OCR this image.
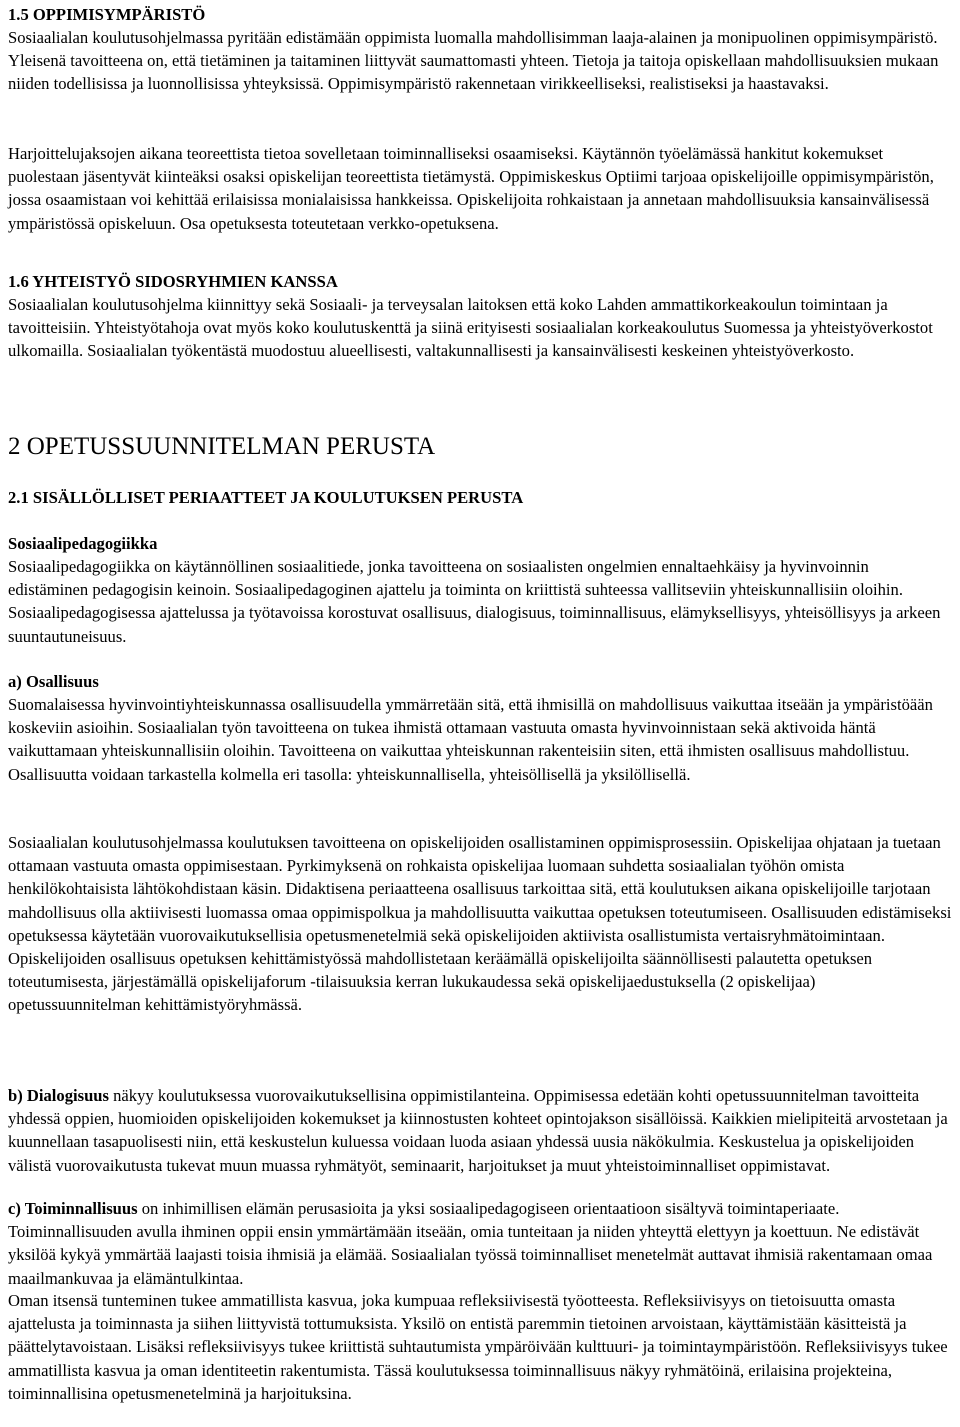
1.5 OPPIMISYMPÄRISTÖ

Sosiaalialan koulutusohjelmassa pyritään edistämään oppimista luomalla mahdollisimman laaja-alainen ja monipuolinen oppimisympäristö. Yleisenä tavoitteena on, että tietäminen ja taitaminen liittyvät saumattomasti yhteen. Tietoja ja taitoja opiskellaan mahdollisuuksien mukaan niiden todellisissa ja luonnollisissa yhteyksissä. Oppimisympäristö rakennetaan virikkeelliseksi, realistiseksi ja haastavaksi.

Harjoittelujaksojen aikana teoreettista tietoa sovelletaan toiminnalliseksi osaamiseksi. Käytännön työelämässä hankitut kokemukset puolestaan jäsentyvät kiinteäksi osaksi opiskelijan teoreettista tietämystä. Oppimiskeskus Optiimi tarjoaa opiskelijoille oppimisympäristön, jossa osaamistaan voi kehittää erilaisissa monialaisissa hankkeissa. Opiskelijoita rohkaistaan ja annetaan mahdollisuuksia kansainvälisessä ympäristössä opiskeluun. Osa opetuksesta toteutetaan verkko-opetuksena.

1.6 YHTEISTYÖ SIDOSRYHMIEN KANSSA

Sosiaalialan koulutusohjelma kiinnittyy sekä Sosiaali- ja terveysalan laitoksen että koko Lahden ammattikorkeakoulun toimintaan ja tavoitteisiin. Yhteistyötahoja ovat myös koko koulutuskenttä ja siinä erityisesti sosiaalialan korkeakoulutus Suomessa ja yhteistyöverkostot ulkomailla. Sosiaalialan työkentästä muodostuu alueellisesti, valtakunnallisesti ja kansainvälisesti keskeinen yhteistyöverkosto.

2 OPETUSSUUNNITELMAN PERUSTA
2.1 SISÄLLÖLLISET PERIAATTEET JA KOULUTUKSEN PERUSTA
Sosiaalipedagogiikka

Sosiaalipedagogiikka on käytännöllinen sosiaalitiede, jonka tavoitteena on sosiaalisten ongelmien ennaltaehkäisy ja hyvinvoinnin edistäminen pedagogisin keinoin. Sosiaalipedagoginen ajattelu ja toiminta on kriittistä suhteessa vallitseviin yhteiskunnallisiin oloihin. Sosiaalipedagogisessa ajattelussa ja työtavoissa korostuvat osallisuus, dialogisuus, toiminnallisuus, elämyksellisyys, yhteisöllisyys ja arkeen suuntautuneisuus.

a) Osallisuus

Suomalaisessa hyvinvointiyhteiskunnassa osallisuudella ymmärretään sitä, että ihmisillä on mahdollisuus vaikuttaa itseään ja ympäristöään koskeviin asioihin. Sosiaalialan työn tavoitteena on tukea ihmistä ottamaan vastuuta omasta hyvinvoinnistaan sekä aktivoida häntä vaikuttamaan yhteiskunnallisiin oloihin. Tavoitteena on vaikuttaa yhteiskunnan rakenteisiin siten, että ihmisten osallisuus mahdollistuu. Osallisuutta voidaan tarkastella kolmella eri tasolla: yhteiskunnallisella, yhteisöllisellä ja yksilöllisellä.

Sosiaalialan koulutusohjelmassa koulutuksen tavoitteena on opiskelijoiden osallistaminen oppimisprosessiin. Opiskelijaa ohjataan ja tuetaan ottamaan vastuuta omasta oppimisestaan. Pyrkimyksenä on rohkaista opiskelijaa luomaan suhdetta sosiaalialan työhön omista henkilökohtaisista lähtökohdistaan käsin. Didaktisena periaatteena osallisuus tarkoittaa sitä, että koulutuksen aikana opiskelijoille tarjotaan mahdollisuus olla aktiivisesti luomassa omaa oppimispolkua ja mahdollisuutta vaikuttaa opetuksen toteutumiseen. Osallisuuden edistämiseksi opetuksessa käytetään vuorovaikutuksellisia opetusmenetelmiä sekä opiskelijoiden aktiivista osallistumista vertaisryhmätoimintaan. Opiskelijoiden osallisuus opetuksen kehittämistyössä mahdollistetaan keräämällä opiskelijoilta säännöllisesti palautetta opetuksen toteutumisesta, järjestämällä opiskelijaforum -tilaisuuksia kerran lukukaudessa sekä opiskelijaedustuksella (2 opiskelijaa) opetussuunnitelman kehittämistyöryhmässä.

b) Dialogisuus näkyy koulutuksessa vuorovaikutuksellisina oppimistilanteina. Oppimisessa edetään kohti opetussuunnitelman tavoitteita yhdessä oppien, huomioiden opiskelijoiden kokemukset ja kiinnostusten kohteet opintojakson sisällöissä. Kaikkien mielipiteitä arvostetaan ja kuunnellaan tasapuolisesti niin, että keskustelun kuluessa voidaan luoda asiaan yhdessä uusia näkökulmia. Keskustelua ja opiskelijoiden välistä vuorovaikutusta tukevat muun muassa ryhmätyöt, seminaarit, harjoitukset ja muut yhteistoiminnalliset oppimistavat.

c) Toiminnallisuus on inhimillisen elämän perusasioita ja yksi sosiaalipedagogiseen orientaatioon sisältyvä toimintaperiaate. Toiminnallisuuden avulla ihminen oppii ensin ymmärtämään itseään, omia tunteitaan ja niiden yhteyttä elettyyn ja koettuun. Ne edistävät yksilöä kykyä ymmärtää laajasti toisia ihmisiä ja elämää. Sosiaalialan työssä toiminnalliset menetelmät auttavat ihmisiä rakentamaan omaa maailmankuvaa ja elämäntulkintaa.

Oman itsensä tunteminen tukee ammatillista kasvua, joka kumpuaa refleksiivisestä työotteesta. Refleksiivisyys on tietoisuutta omasta ajattelusta ja toiminnasta ja siihen liittyvistä tottumuksista. Yksilö on entistä paremmin tietoinen arvoistaan, käyttämistään käsitteistä ja päättelytavoistaan. Lisäksi refleksiivisyys tukee kriittistä suhtautumista ympäröivään kulttuuri- ja toimintaympäristöön. Refleksiivisyys tukee ammatillista kasvua ja oman identiteetin rakentumista. Tässä koulutuksessa toiminnallisuus näkyy ryhmätöinä, erilaisina projekteina, toiminnallisina opetusmenetelminä ja harjoituksina.
